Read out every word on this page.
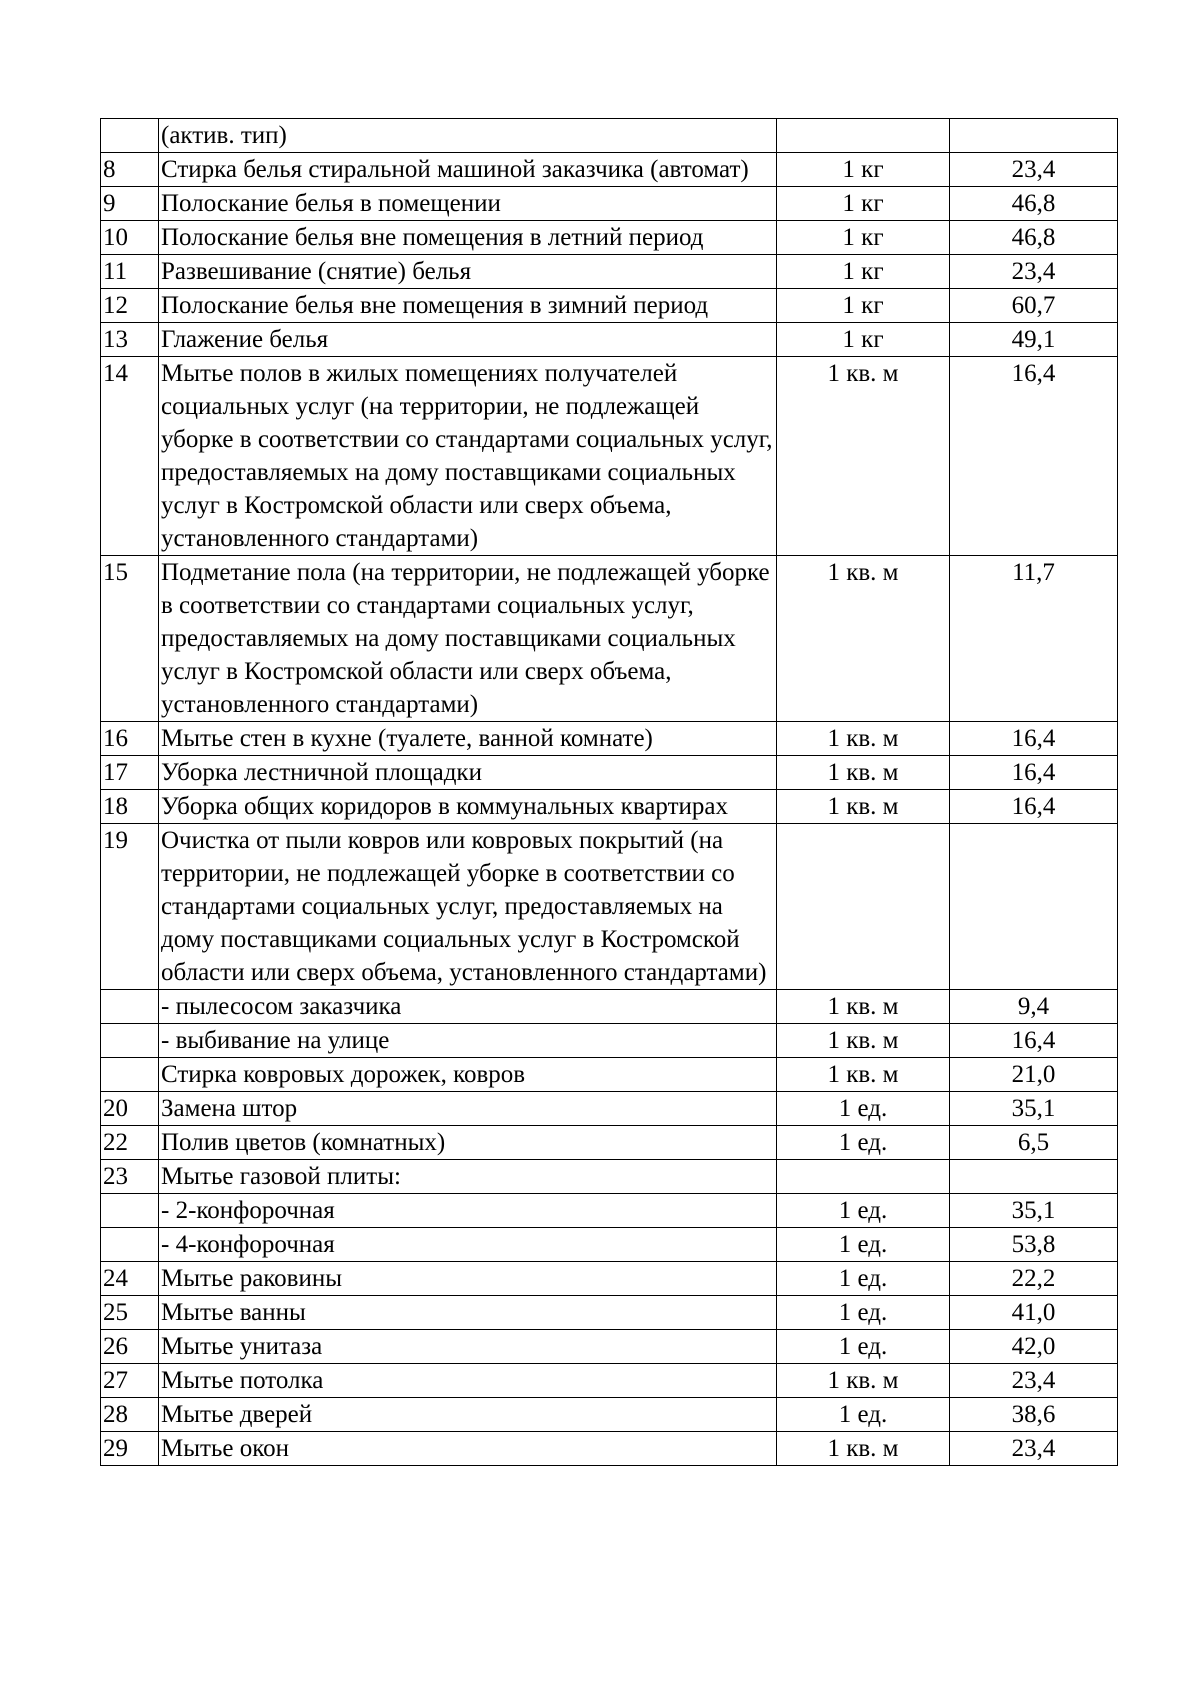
	(актив. тип)		
8	Стирка белья стиральной машиной заказчика (автомат)	1 кг	23,4
9	Полоскание белья в помещении	1 кг	46,8
10	Полоскание белья вне помещения в летний период	1 кг	46,8
11	Развешивание (снятие) белья	1 кг	23,4
12	Полоскание белья вне помещения в зимний период	1 кг	60,7
13	Глажение белья	1 кг	49,1
14	Мытье полов в жилых помещениях получателей социальных услуг (на территории, не подлежащей уборке в соответствии со стандартами социальных услуг, предоставляемых на дому поставщиками социальных услуг в Костромской области или сверх объема, установленного стандартами)	1 кв. м	16,4
15	Подметание пола (на территории, не подлежащей уборке в соответствии со стандартами социальных услуг, предоставляемых на дому поставщиками социальных услуг в Костромской области или сверх объема, установленного стандартами)	1 кв. м	11,7
16	Мытье стен в кухне (туалете, ванной комнате)	1 кв. м	16,4
17	Уборка лестничной площадки	1 кв. м	16,4
18	Уборка общих коридоров в коммунальных квартирах	1 кв. м	16,4
19	Очистка от пыли ковров или ковровых покрытий (на территории, не подлежащей уборке в соответствии со стандартами социальных услуг, предоставляемых на дому поставщиками социальных услуг в Костромской области или сверх объема, установленного стандартами)		
	- пылесосом заказчика	1 кв. м	9,4
	- выбивание на улице	1 кв. м	16,4
	Стирка ковровых дорожек, ковров	1 кв. м	21,0
20	Замена штор	1 ед.	35,1
22	Полив цветов (комнатных)	1 ед.	6,5
23	Мытье газовой плиты:		
	- 2-конфорочная	1 ед.	35,1
	- 4-конфорочная	1 ед.	53,8
24	Мытье раковины	1 ед.	22,2
25	Мытье ванны	1 ед.	41,0
26	Мытье унитаза	1 ед.	42,0
27	Мытье потолка	1 кв. м	23,4
28	Мытье дверей	1 ед.	38,6
29	Мытье окон	1 кв. м	23,4
